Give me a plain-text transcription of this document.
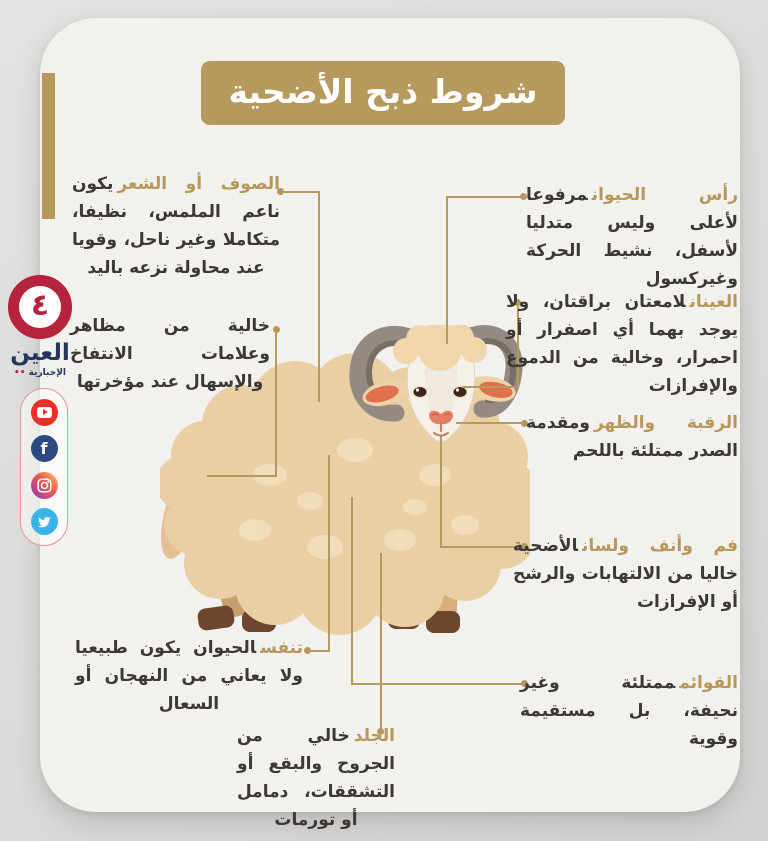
شروط ذبح الأضحية
الصوف أو الشعريكون ناعم الملمس، نظيفا، متكاملا وغير ناحل، وقويا عند محاولة نزعه باليد
خالية من مظاهر وعلامات الانتفاخ والإسهال عند مؤخرتها
تنفسالحيوان يكون طبيعيا ولا يعاني من النهجان أو السعال
الجلدخالي من الجروح والبقع أو التشققات، دمامل أو تورمات
رأس الحيوانمرفوعا لأعلى وليس متدليا لأسفل، نشيط الحركة وغيركسول
العينانلامعتان براقتان، ولا يوجد بهما أي اصفرار أو احمرار، وخالية من الدموع والإفرازات
الرقبة والظهرومقدمة الصدر ممتلئة باللحم
فم وأنف ولسانالأضحية خاليا من الالتهابات والرشح أو الإفرازات
القوائمممتلئة وغير نحيفة، بل مستقيمة وقوية
٤
العين
الإخبارية ••
f
